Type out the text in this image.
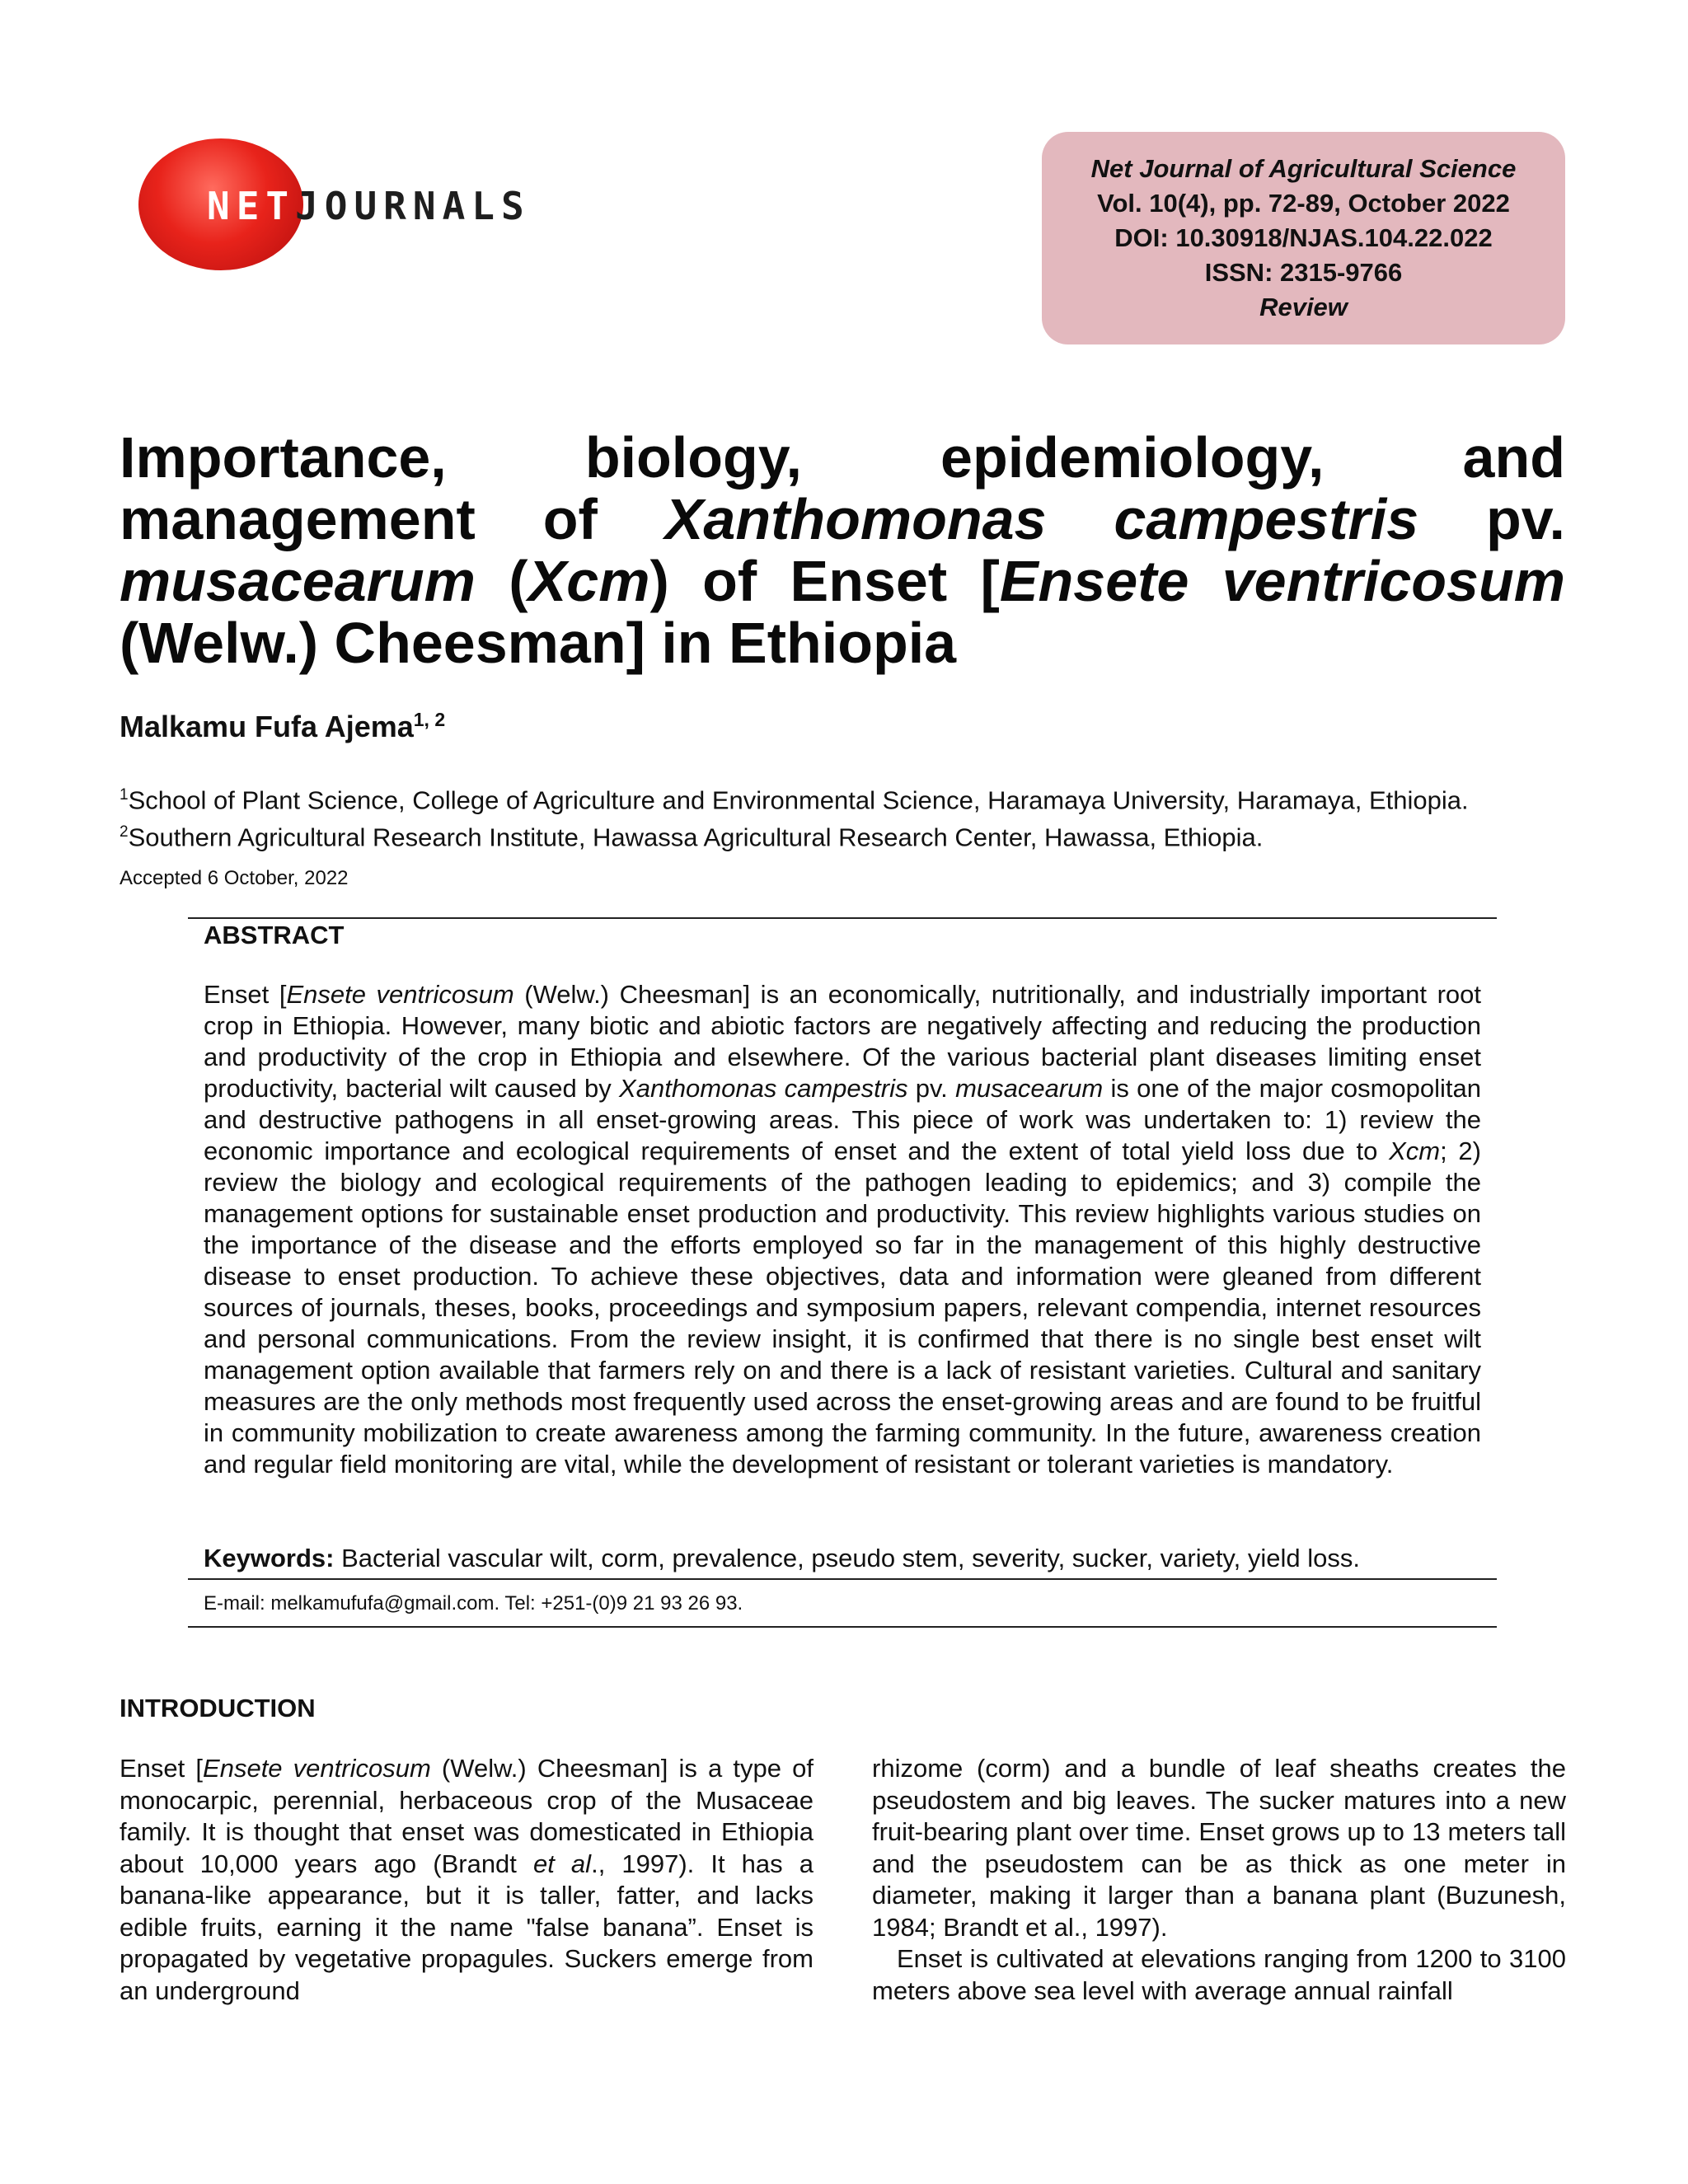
NETJOURNALS
Net Journal of Agricultural Science
Vol. 10(4), pp. 72-89, October 2022
DOI: 10.30918/NJAS.104.22.022
ISSN: 2315-9766
Review
Importance, biology, epidemiology, and management of Xanthomonas campestris pv. musacearum (Xcm) of Enset [Ensete ventricosum (Welw.) Cheesman] in Ethiopia
Malkamu Fufa Ajema$^{1, 2}$
$^1$School of Plant Science, College of Agriculture and Environmental Science, Haramaya University, Haramaya, Ethiopia.
$^2$Southern Agricultural Research Institute, Hawassa Agricultural Research Center, Hawassa, Ethiopia.
Accepted 6 October, 2022
ABSTRACT
Enset [Ensete ventricosum (Welw.) Cheesman] is an economically, nutritionally, and industrially important root crop in Ethiopia. However, many biotic and abiotic factors are negatively affecting and reducing the production and productivity of the crop in Ethiopia and elsewhere. Of the various bacterial plant diseases limiting enset productivity, bacterial wilt caused by Xanthomonas campestris pv. musacearum is one of the major cosmopolitan and destructive pathogens in all enset-growing areas. This piece of work was undertaken to: 1) review the economic importance and ecological requirements of enset and the extent of total yield loss due to Xcm; 2) review the biology and ecological requirements of the pathogen leading to epidemics; and 3) compile the management options for sustainable enset production and productivity. This review highlights various studies on the importance of the disease and the efforts employed so far in the management of this highly destructive disease to enset production. To achieve these objectives, data and information were gleaned from different sources of journals, theses, books, proceedings and symposium papers, relevant compendia, internet resources and personal communications. From the review insight, it is confirmed that there is no single best enset wilt management option available that farmers rely on and there is a lack of resistant varieties. Cultural and sanitary measures are the only methods most frequently used across the enset-growing areas and are found to be fruitful in community mobilization to create awareness among the farming community. In the future, awareness creation and regular field monitoring are vital, while the development of resistant or tolerant varieties is mandatory.
Keywords: Bacterial vascular wilt, corm, prevalence, pseudo stem, severity, sucker, variety, yield loss.
E-mail: melkamufufa@gmail.com. Tel: +251-(0)9 21 93 26 93.
INTRODUCTION

Enset [Ensete ventricosum (Welw.) Cheesman] is a type of monocarpic, perennial, herbaceous crop of the Musaceae family. It is thought that enset was domesticated in Ethiopia about 10,000 years ago (Brandt et al., 1997). It has a banana-like appearance, but it is taller, fatter, and lacks edible fruits, earning it the name "false banana”. Enset is propagated by vegetative propagules. Suckers emerge from an underground

rhizome (corm) and a bundle of leaf sheaths creates the pseudostem and big leaves. The sucker matures into a new fruit-bearing plant over time. Enset grows up to 13 meters tall and the pseudostem can be as thick as one meter in diameter, making it larger than a banana plant (Buzunesh, 1984; Brandt et al., 1997).

Enset is cultivated at elevations ranging from 1200 to 3100 meters above sea level with average annual rainfall
